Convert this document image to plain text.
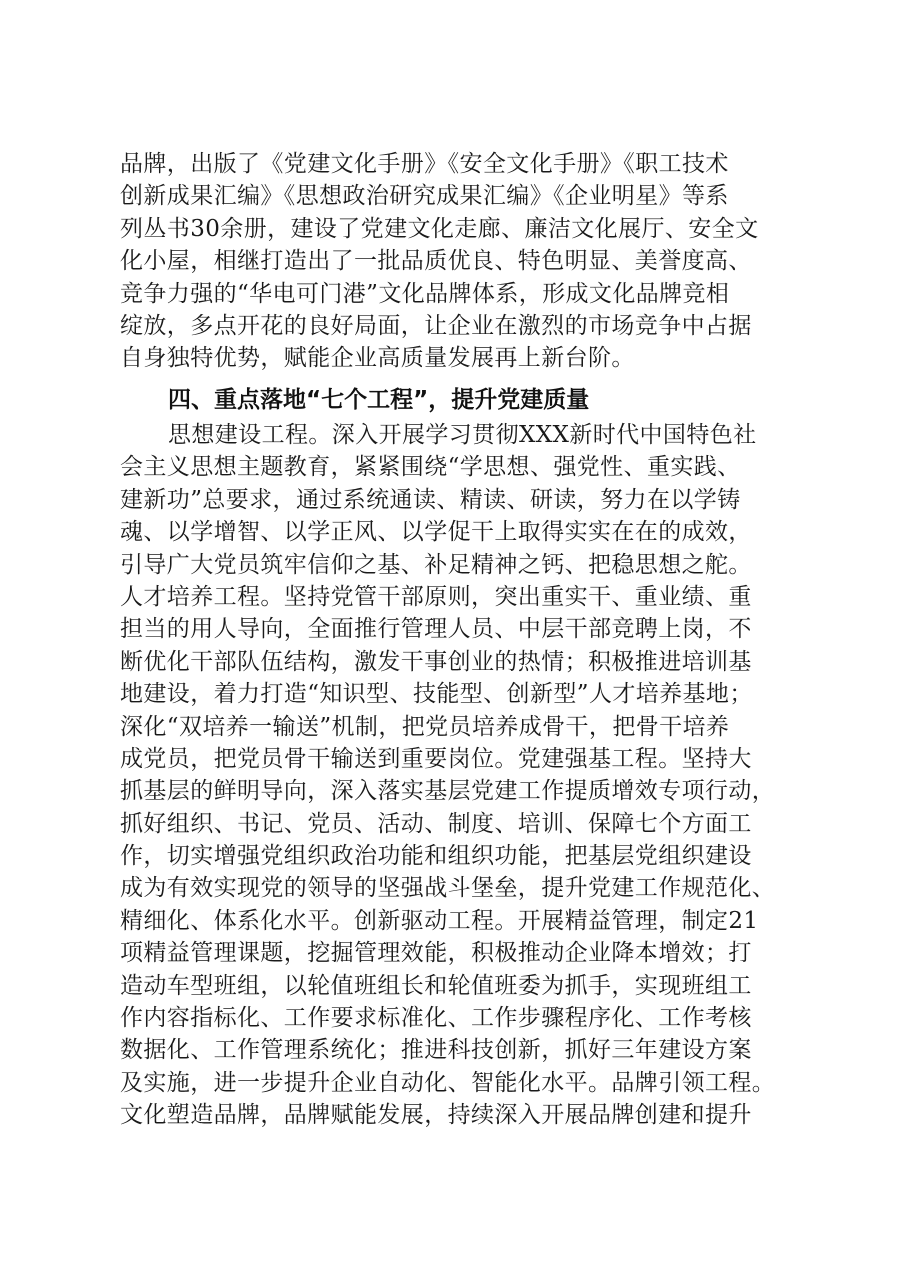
品牌，出版了《党建文化手册》《安全文化手册》《职工技术
创新成果汇编》《思想政治研究成果汇编》《企业明星》等系
列丛书30余册，建设了党建文化走廊、廉洁文化展厅、安全文
化小屋，相继打造出了一批品质优良、特色明显、美誉度高、
竞争力强的“华电可门港”文化品牌体系，形成文化品牌竞相
绽放，多点开花的良好局面，让企业在激烈的市场竞争中占据
自身独特优势，赋能企业高质量发展再上新台阶。
四、重点落地“七个工程”，提升党建质量
思想建设工程。深入开展学习贯彻XXX新时代中国特色社
会主义思想主题教育，紧紧围绕“学思想、强党性、重实践、
建新功”总要求，通过系统通读、精读、研读，努力在以学铸
魂、以学增智、以学正风、以学促干上取得实实在在的成效，
引导广大党员筑牢信仰之基、补足精神之钙、把稳思想之舵。
人才培养工程。坚持党管干部原则，突出重实干、重业绩、重
担当的用人导向，全面推行管理人员、中层干部竞聘上岗，不
断优化干部队伍结构，激发干事创业的热情；积极推进培训基
地建设，着力打造“知识型、技能型、创新型”人才培养基地；
深化“双培养一输送”机制，把党员培养成骨干，把骨干培养
成党员，把党员骨干输送到重要岗位。党建强基工程。坚持大
抓基层的鲜明导向，深入落实基层党建工作提质增效专项行动，
抓好组织、书记、党员、活动、制度、培训、保障七个方面工
作，切实增强党组织政治功能和组织功能，把基层党组织建设
成为有效实现党的领导的坚强战斗堡垒，提升党建工作规范化、
精细化、体系化水平。创新驱动工程。开展精益管理，制定21
项精益管理课题，挖掘管理效能，积极推动企业降本增效；打
造动车型班组，以轮值班组长和轮值班委为抓手，实现班组工
作内容指标化、工作要求标准化、工作步骤程序化、工作考核
数据化、工作管理系统化；推进科技创新，抓好三年建设方案
及实施，进一步提升企业自动化、智能化水平。品牌引领工程。
文化塑造品牌，品牌赋能发展，持续深入开展品牌创建和提升
